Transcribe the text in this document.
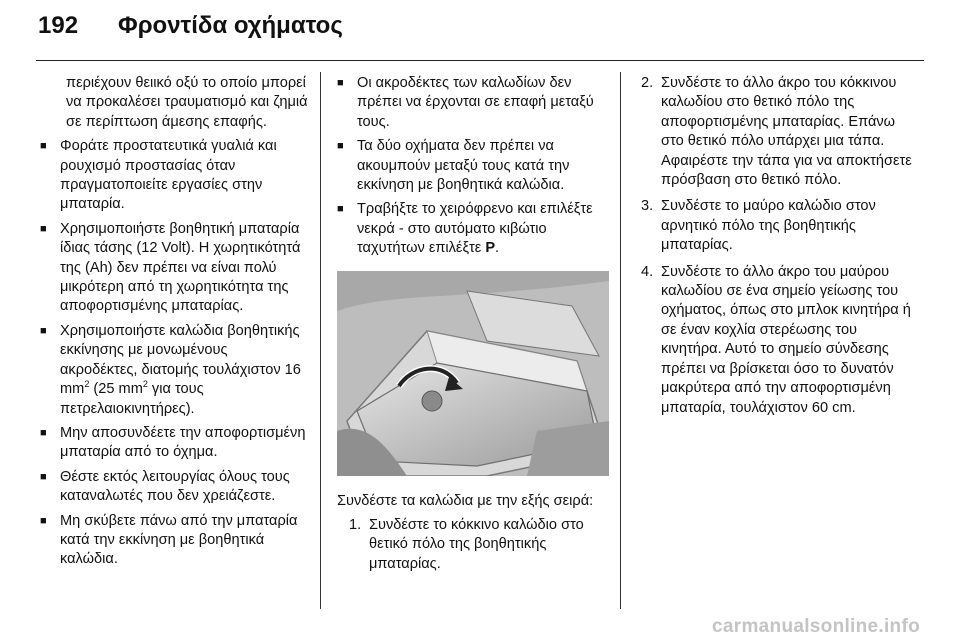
192 Φροντίδα οχήματος

περιέχουν θειικό οξύ το οποίο μπορεί να προκαλέσει τραυματισμό και ζημιά σε περίπτωση άμεσης επαφής.

■ Φοράτε προστατευτικά γυαλιά και ρουχισμό προστασίας όταν πραγματοποιείτε εργασίες στην μπαταρία.
■ Χρησιμοποιήστε βοηθητική μπαταρία ίδιας τάσης (12 Volt). Η χωρητικότητά της (Ah) δεν πρέπει να είναι πολύ μικρότερη από τη χωρητικότητα της αποφορτισμένης μπαταρίας.
■ Χρησιμοποιήστε καλώδια βοηθητικής εκκίνησης με μονωμένους ακροδέκτες, διατομής τουλάχιστον 16 $mm^2$ (25 $mm^2$ για τους πετρελαιοκινητήρες).
■ Μην αποσυνδέετε την αποφορτισμένη μπαταρία από το όχημα.
■ Θέστε εκτός λειτουργίας όλους τους καταναλωτές που δεν χρειάζεστε.
■ Μη σκύβετε πάνω από την μπαταρία κατά την εκκίνηση με βοηθητικά καλώδια.
■ Οι ακροδέκτες των καλωδίων δεν πρέπει να έρχονται σε επαφή μεταξύ τους.
■ Τα δύο οχήματα δεν πρέπει να ακουμπούν μεταξύ τους κατά την εκκίνηση με βοηθητικά καλώδια.
■ Τραβήξτε το χειρόφρενο και επιλέξτε νεκρά - στο αυτόματο κιβώτιο ταχυτήτων επιλέξτε P.

Συνδέστε τα καλώδια με την εξής σειρά:

1. Συνδέστε το κόκκινο καλώδιο στο θετικό πόλο της βοηθητικής μπαταρίας.
2. Συνδέστε το άλλο άκρο του κόκκινου καλωδίου στο θετικό πόλο της αποφορτισμένης μπαταρίας. Επάνω στο θετικό πόλο υπάρχει μια τάπα. Αφαιρέστε την τάπα για να αποκτήσετε πρόσβαση στο θετικό πόλο.
3. Συνδέστε το μαύρο καλώδιο στον αρνητικό πόλο της βοηθητικής μπαταρίας.
4. Συνδέστε το άλλο άκρο του μαύρου καλωδίου σε ένα σημείο γείωσης του οχήματος, όπως στο μπλοκ κινητήρα ή σε έναν κοχλία στερέωσης του κινητήρα. Αυτό το σημείο σύνδεσης πρέπει να βρίσκεται όσο το δυνατόν μακρύτερα από την αποφορτισμένη μπαταρία, τουλάχιστον 60 cm.
carmanualsonline.info
